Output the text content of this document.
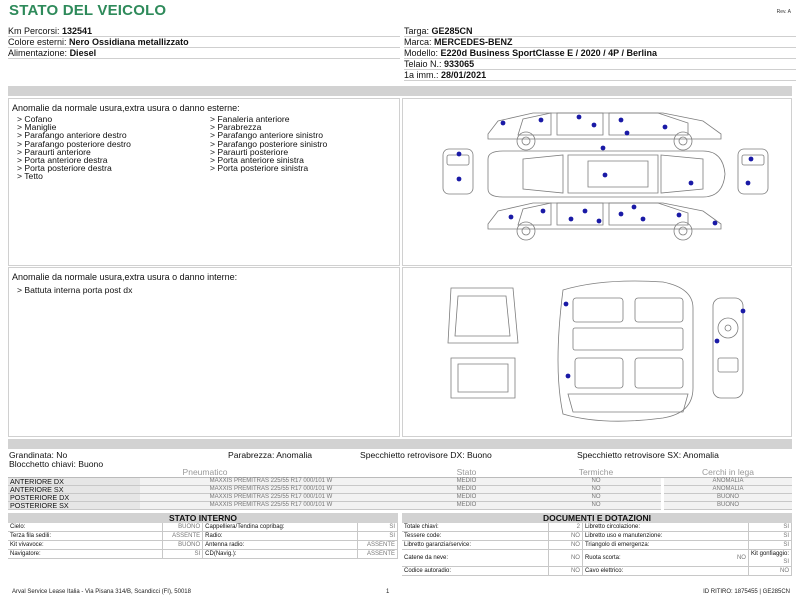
STATO DEL VEICOLO	Rev. A
Km Percorsi: 132541
Colore esterni: Nero Ossidiana metallizzato
Alimentazione: Diesel
Targa: GE285CN
Marca: MERCEDES-BENZ
Modello: E220d Business SportClasse E / 2020 / 4P / Berlina
Telaio N.: 933065
1a imm.: 28/01/2021
Anomalie da normale usura,extra usura o danno esterne:
> Cofano	> Fanaleria anteriore
> Maniglie	> Parabrezza
> Parafango anteriore destro	> Parafango anteriore sinistro
> Parafango posteriore destro	> Parafango posteriore sinistro
> Paraurti anteriore	> Paraurti posteriore
> Porta anteriore destra	> Porta anteriore sinistra
> Porta posteriore destra	> Porta posteriore sinistra
> Tetto
Anomalie da normale usura,extra usura o danno interne:
> Battuta interna porta post dx
Grandinata: No	Parabrezza: Anomalia	Specchietto retrovisore DX: Buono	Specchietto retrovisore SX: Anomalia
Blocchetto chiavi: Buono
Pneumatico		Stato	Termiche		Cerchi in lega
ANTERIORE DX	MAXXIS PREMITRAS 225/55 R17 000/101 W	MEDIO	NO		ANOMALIA
ANTERIORE SX	MAXXIS PREMITRAS 225/55 R17 000/101 W	MEDIO	NO		ANOMALIA
POSTERIORE DX	MAXXIS PREMITRAS 225/55 R17 000/101 W	MEDIO	NO		BUONO
POSTERIORE SX	MAXXIS PREMITRAS 225/55 R17 000/101 W	MEDIO	NO		BUONO
STATO INTERNO
Cielo:	BUONO	Cappelliera/Tendina copribag:	SI
Terza fila sedili:	ASSENTE	Radio:	SI
Kit vivavoce:	BUONO	Antenna radio:	ASSENTE
Navigatore:	SI	CD(Navig.):	ASSENTE
DOCUMENTI E DOTAZIONI
Totale chiavi:	2	Libretto circolazione:	SI
Tessere code:	NO	Libretto uso e manutenzione:	SI
Libretto garanzia/service:	NO	Triangolo di emergenza:	SI
Catene da neve:	NO	Ruota scorta: NO	Kit gonfiaggio:
SI

Codice autoradio:	NO	Cavo elettrico:	NO
Arval Service Lease Italia - Via Pisana 314/B, Scandicci (FI), 50018	1	ID RITIRO: 1875455 | GE285CN
